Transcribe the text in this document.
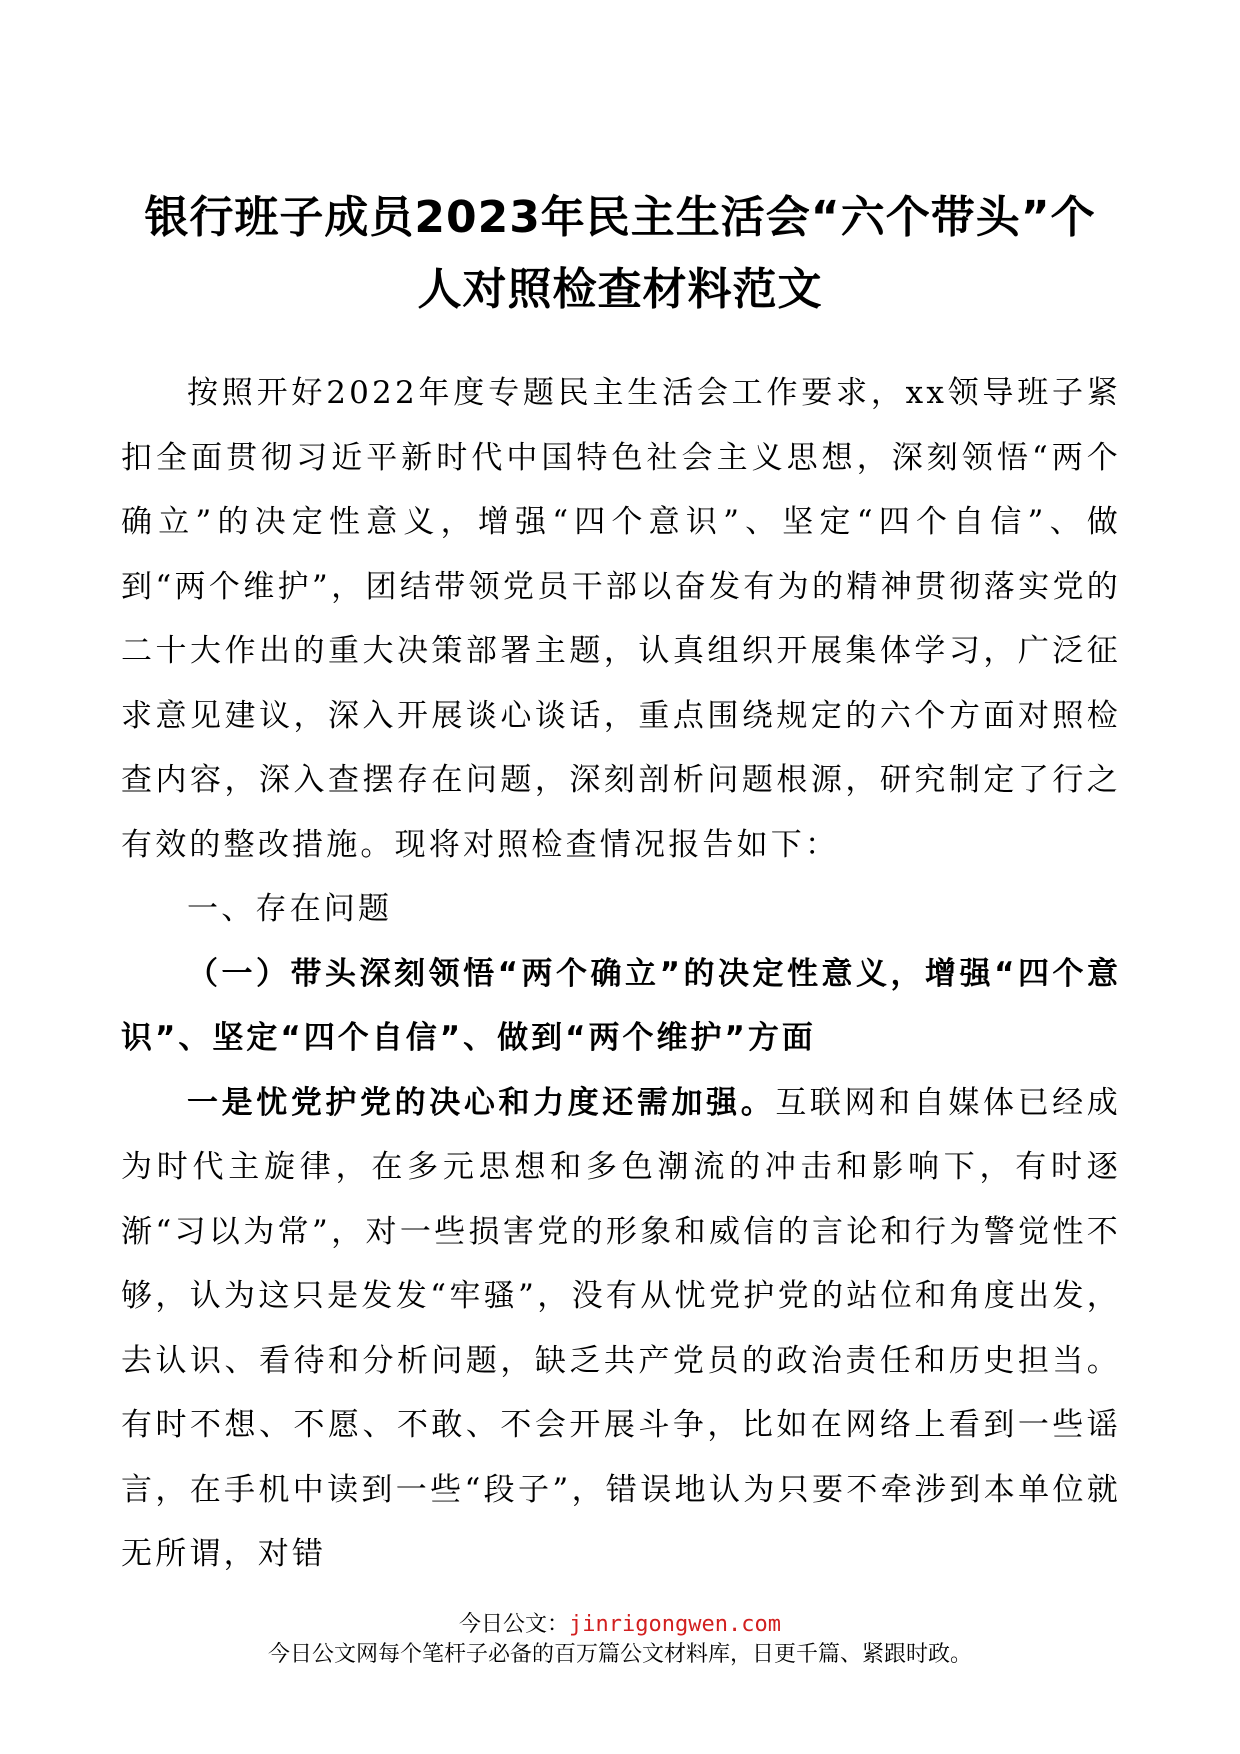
银行班子成员2023年民主生活会“六个带头”个
人对照检查材料范文

按照开好2022年度专题民主生活会工作要求，xx领导班子紧扣全面贯彻习近平新时代中国特色社会主义思想，深刻领悟“两个确立”的决定性意义，增强“四个意识”、坚定“四个自信”、做到“两个维护”，团结带领党员干部以奋发有为的精神贯彻落实党的二十大作出的重大决策部署主题，认真组织开展集体学习，广泛征求意见建议，深入开展谈心谈话，重点围绕规定的六个方面对照检查内容，深入查摆存在问题，深刻剖析问题根源，研究制定了行之有效的整改措施。现将对照检查情况报告如下：

一、存在问题

（一）带头深刻领悟“两个确立”的决定性意义，增强“四个意识”、坚定“四个自信”、做到“两个维护”方面

一是忧党护党的决心和力度还需加强。互联网和自媒体已经成为时代主旋律，在多元思想和多色潮流的冲击和影响下，有时逐渐“习以为常”，对一些损害党的形象和威信的言论和行为警觉性不够，认为这只是发发“牢骚”，没有从忧党护党的站位和角度出发，去认识、看待和分析问题，缺乏共产党员的政治责任和历史担当。有时不想、不愿、不敢、不会开展斗争，比如在网络上看到一些谣言，在手机中读到一些“段子”，错误地认为只要不牵涉到本单位就无所谓，对错

今日公文：jinrigongwen.com
今日公文网每个笔杆子必备的百万篇公文材料库，日更千篇、紧跟时政。
